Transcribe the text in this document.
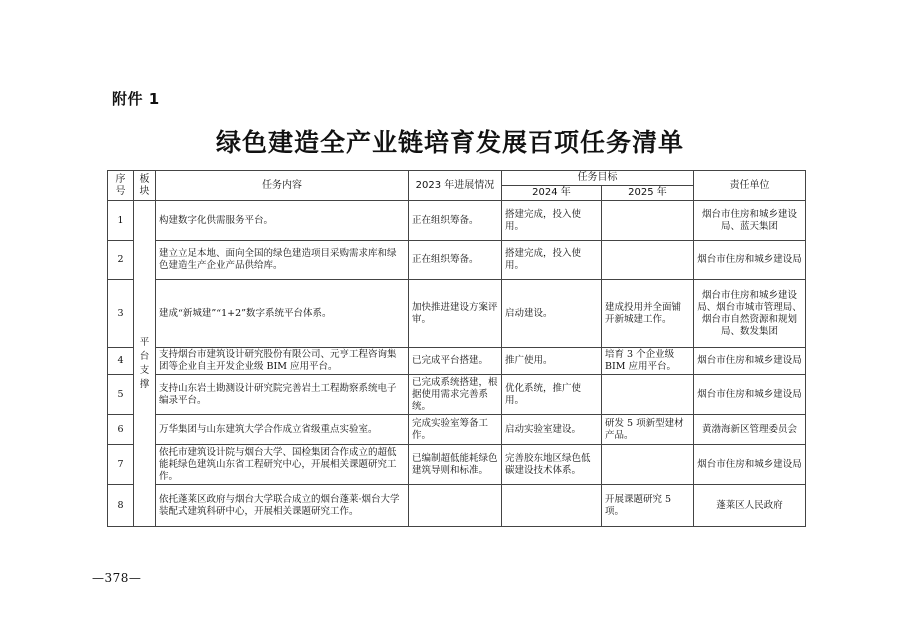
附件 1
绿色建造全产业链培育发展百项任务清单
序号	板块	任务内容	2023 年进展情况	任务目标		责任单位
				2024 年	2025 年	
1	平台支撑	构建数字化供需服务平台。	正在组织筹备。	搭建完成，投入使用。		烟台市住房和城乡建设局、蓝天集团
2		建立立足本地、面向全国的绿色建造项目采购需求库和绿色建造生产企业产品供给库。	正在组织筹备。	搭建完成，投入使用。		烟台市住房和城乡建设局
3		建成“新城建”“1+2”数字系统平台体系。	加快推进建设方案评审。	启动建设。	建成投用并全面铺开新城建工作。	烟台市住房和城乡建设局、烟台市城市管理局、烟台市自然资源和规划局、数发集团
4		支持烟台市建筑设计研究股份有限公司、元亨工程咨询集团等企业自主开发企业级 BIM 应用平台。	已完成平台搭建。	推广使用。	培育 3 个企业级 BIM 应用平台。	烟台市住房和城乡建设局
5		支持山东岩土勘测设计研究院完善岩土工程勘察系统电子编录平台。	已完成系统搭建，根据使用需求完善系统。	优化系统，推广使用。		烟台市住房和城乡建设局
6		万华集团与山东建筑大学合作成立省级重点实验室。	完成实验室筹备工作。	启动实验室建设。	研发 5 项新型建材产品。	黄渤海新区管理委员会
7		依托市建筑设计院与烟台大学、国检集团合作成立的超低能耗绿色建筑山东省工程研究中心，开展相关课题研究工作。	已编制超低能耗绿色建筑导则和标准。	完善胶东地区绿色低碳建设技术体系。		烟台市住房和城乡建设局
8		依托蓬莱区政府与烟台大学联合成立的烟台蓬莱·烟台大学装配式建筑科研中心，开展相关课题研究工作。			开展课题研究 5 项。	蓬莱区人民政府
—378—
